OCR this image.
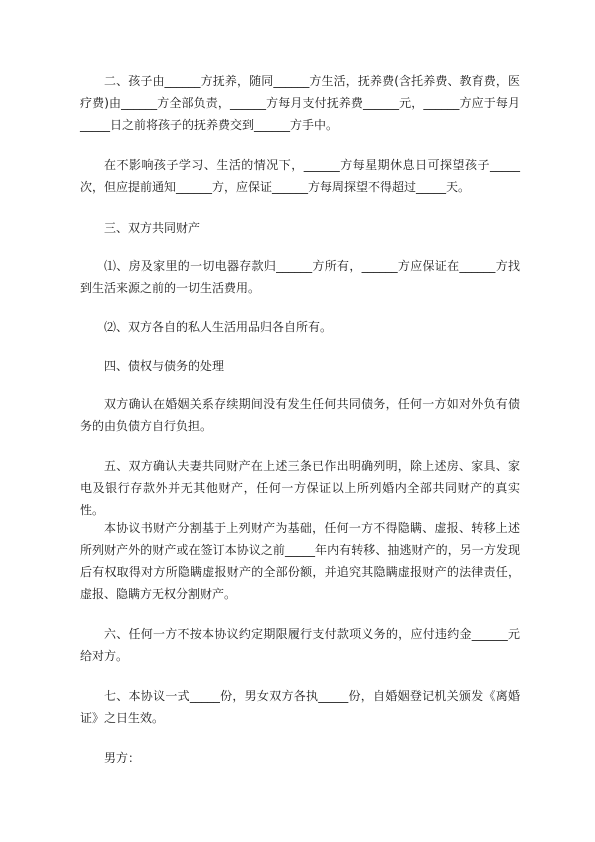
二、孩子由______方抚养，随同______方生活，抚养费(含托养费、教育费，医疗费)由______方全部负责，______方每月支付抚养费______元，______方应于每月_____日之前将孩子的抚养费交到______方手中。

在不影响孩子学习、生活的情况下，______方每星期休息日可探望孩子_____次，但应提前通知______方，应保证______方每周探望不得超过_____天。

三、双方共同财产

⑴、房及家里的一切电器存款归______方所有，______方应保证在______方找到生活来源之前的一切生活费用。

⑵、双方各自的私人生活用品归各自所有。

四、债权与债务的处理

双方确认在婚姻关系存续期间没有发生任何共同债务，任何一方如对外负有债务的由负债方自行负担。

五、双方确认夫妻共同财产在上述三条已作出明确列明，除上述房、家具、家电及银行存款外并无其他财产，任何一方保证以上所列婚内全部共同财产的真实性。

本协议书财产分割基于上列财产为基础，任何一方不得隐瞒、虚报、转移上述所列财产外的财产或在签订本协议之前_____年内有转移、抽逃财产的，另一方发现后有权取得对方所隐瞒虚报财产的全部份额，并追究其隐瞒虚报财产的法律责任，虚报、隐瞒方无权分割财产。

六、任何一方不按本协议约定期限履行支付款项义务的，应付违约金______元给对方。

七、本协议一式_____份，男女双方各执_____份，自婚姻登记机关颁发《离婚证》之日生效。

男方：
